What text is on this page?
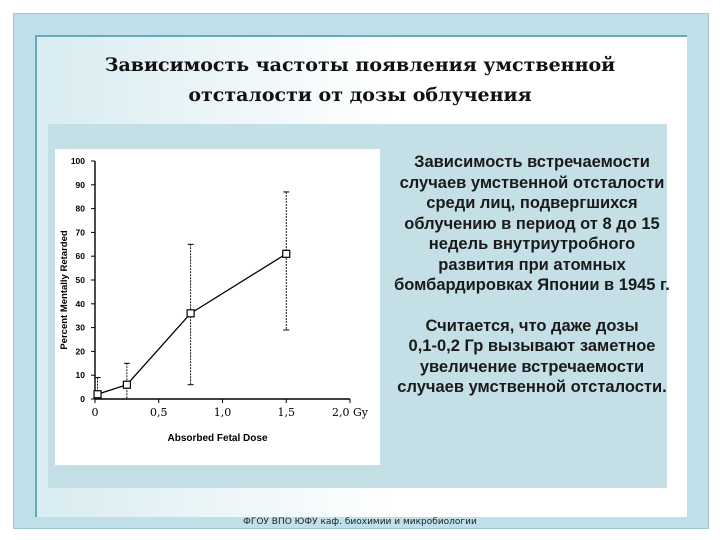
Зависимость частоты появления умственной
отсталости от дозы облучения
0
10
20
30
40
50
60
70
80
90
100
0	0,5	1,0	1,5	2,0 Gy
Absorbed Fetal Dose
Percent Mentally Retarded

Зависимость встречаемости
случаев умственной отсталости
среди лиц, подвергшихся
облучению в период от 8 до 15
недель внутриутробного
развития при атомных
бомбардировках Японии в 1945 г.

Считается, что даже дозы
0,1-0,2 Гр вызывают заметное
увеличение встречаемости
случаев умственной отсталости.

ФГОУ ВПО ЮФУ каф. биохимии и микробиологии
